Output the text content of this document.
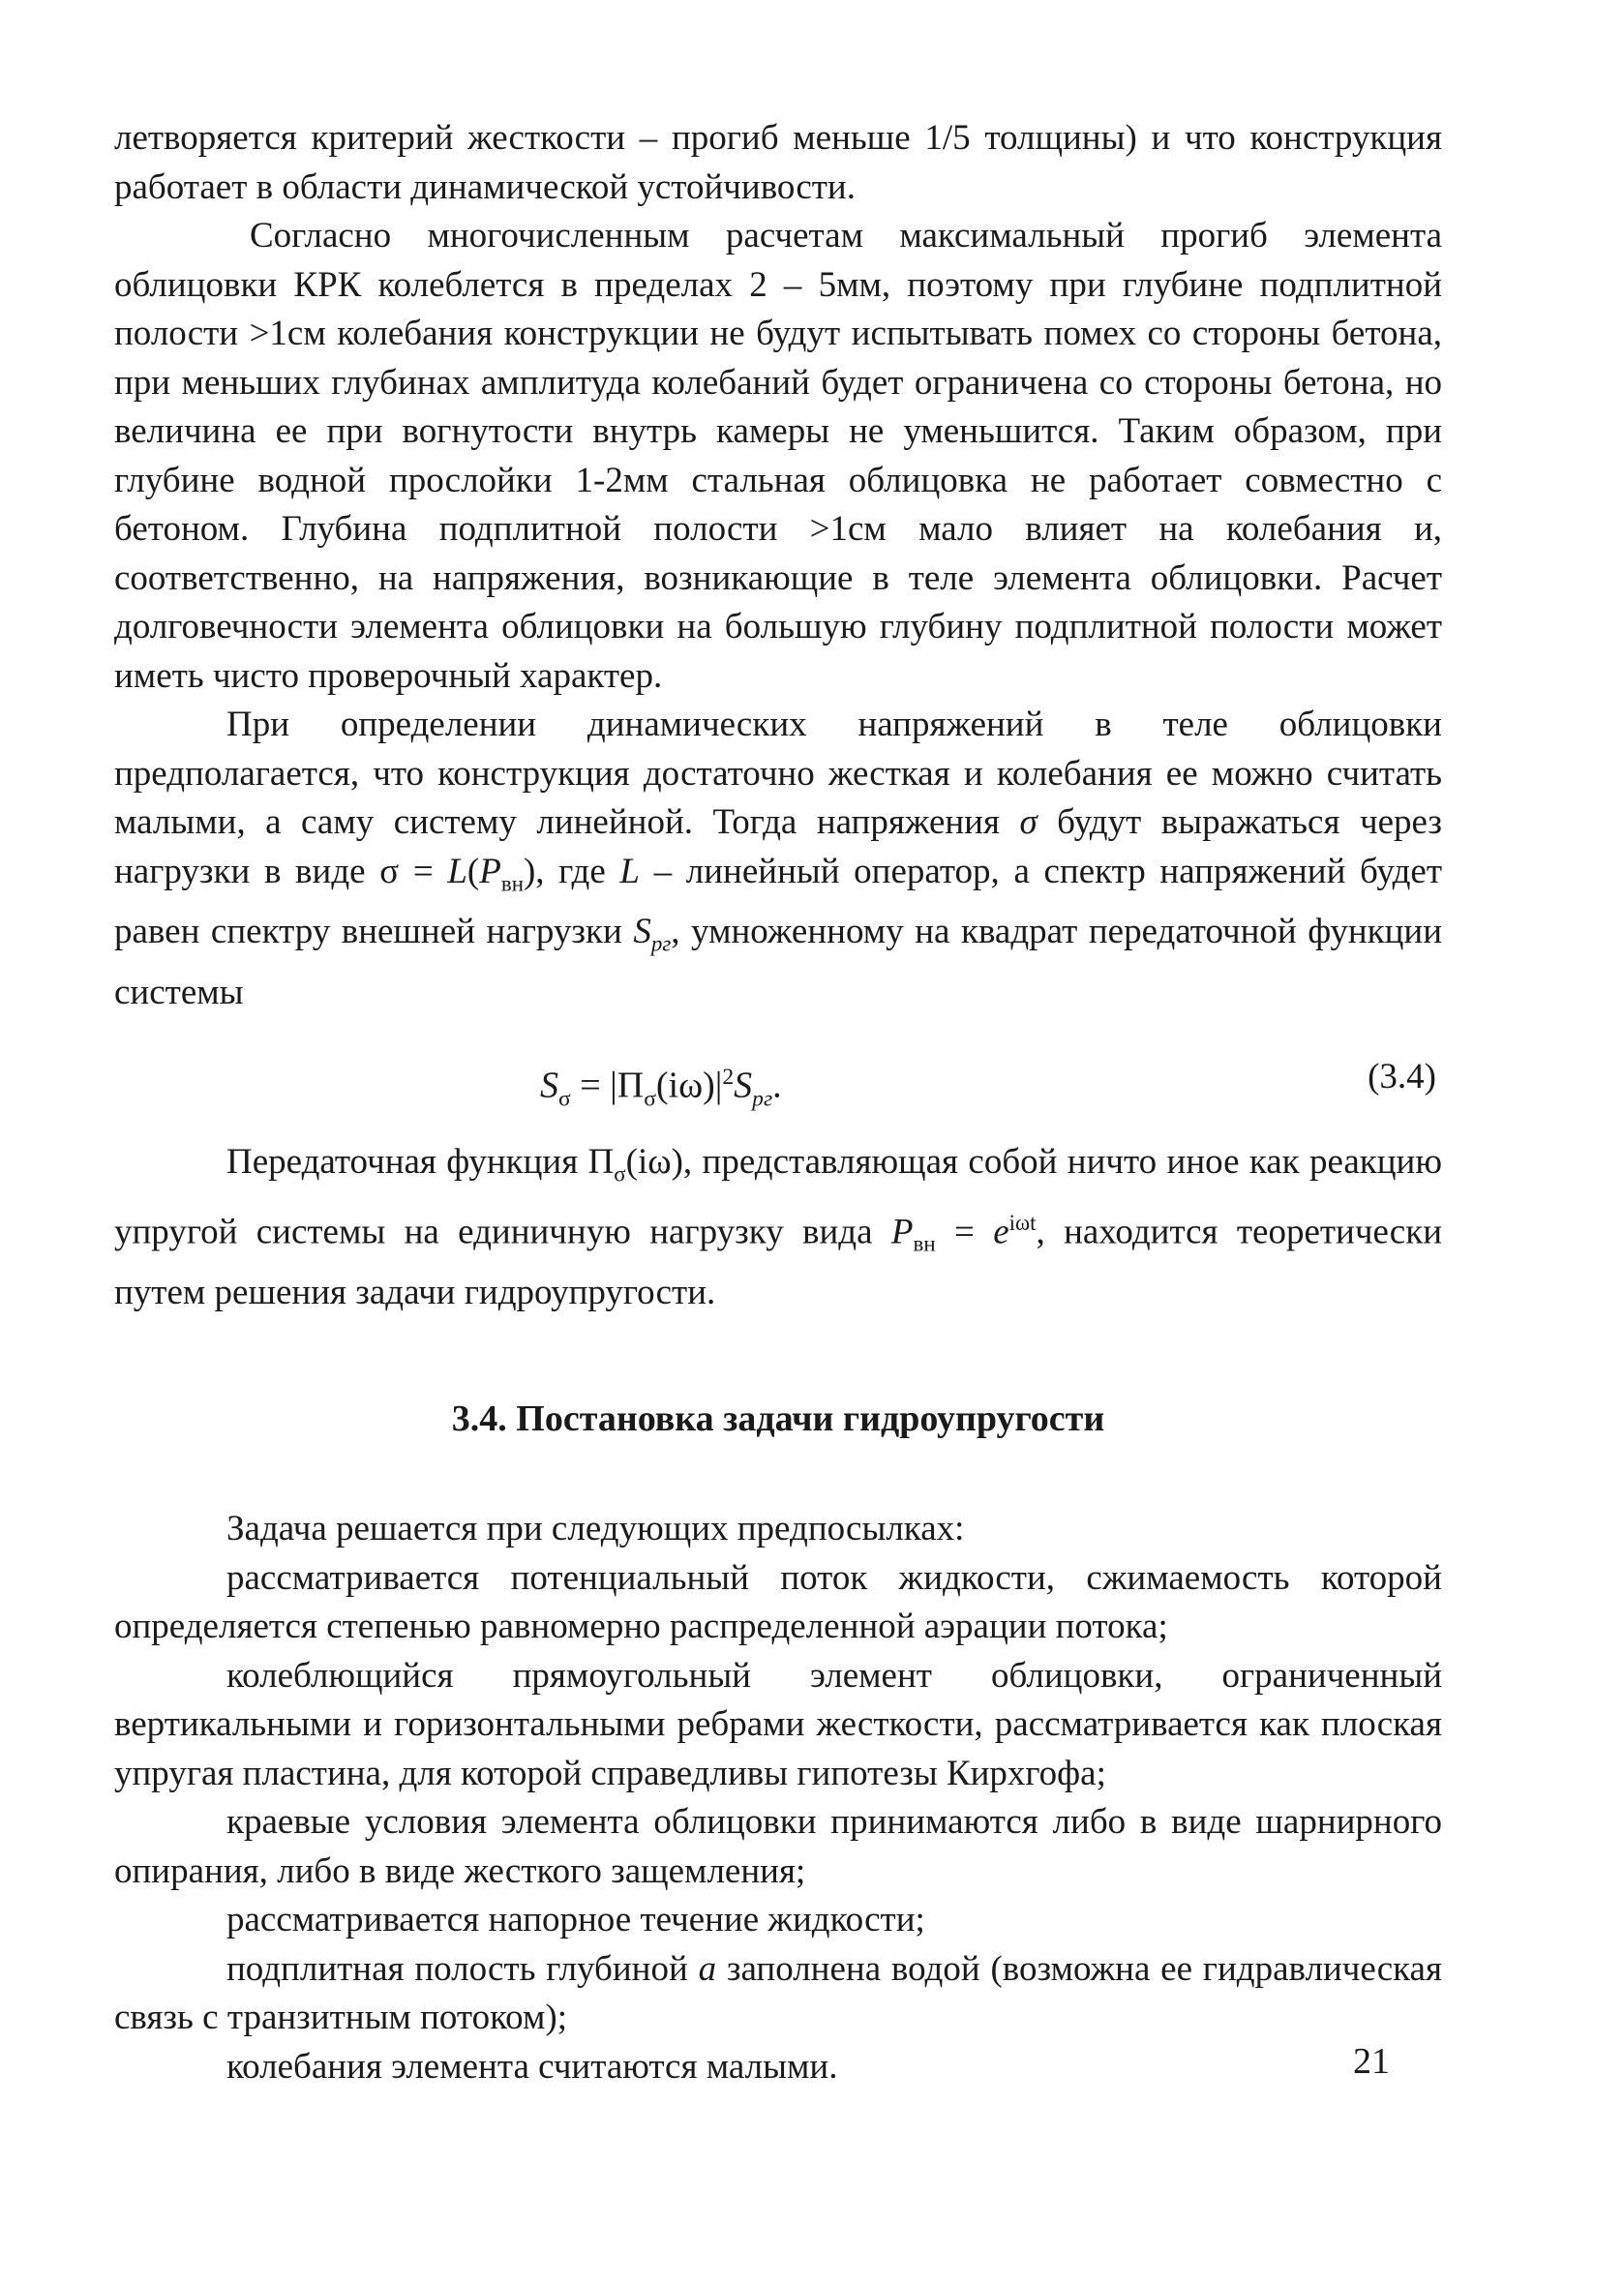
летворяется критерий жесткости – прогиб меньше 1/5 толщины) и что конструкция работает в области динамической устойчивости.

Согласно многочисленным расчетам максимальный прогиб элемента облицовки КРК колеблется в пределах 2 – 5мм, поэтому при глубине подплитной полости >1см колебания конструкции не будут испытывать помех со стороны бетона, при меньших глубинах амплитуда колебаний будет ограничена со стороны бетона, но величина ее при вогнутости внутрь камеры не уменьшится. Таким образом, при глубине водной прослойки 1-2мм стальная облицовка не работает совместно с бетоном. Глубина подплитной полости >1см мало влияет на колебания и, соответственно, на напряжения, возникающие в теле элемента облицовки. Расчет долговечности элемента облицовки на большую глубину подплитной полости может иметь чисто проверочный характер.

При определении динамических напряжений в теле облицовки предполагается, что конструкция достаточно жесткая и колебания ее можно считать малыми, а саму систему линейной. Тогда напряжения σ будут выражаться через нагрузки в виде $\sigma = L(P_{вн})$, где L – линейный оператор, а спектр напряжений будет равен спектру внешней нагрузки $S_{рг}$, умноженному на квадрат передаточной функции системы

$S_\sigma = |\Pi_\sigma(i\omega)|^2S_{рг}$.	(3.4)

Передаточная функция $\Pi_\sigma(i\omega)$, представляющая собой ничто иное как реакцию упругой системы на единичную нагрузку вида $P_{вн} = e^{i\omega t}$, находится теоретически путем решения задачи гидроупругости.

3.4. Постановка задачи гидроупругости

Задача решается при следующих предпосылках:

рассматривается потенциальный поток жидкости, сжимаемость которой определяется степенью равномерно распределенной аэрации потока;

колеблющийся прямоугольный элемент облицовки, ограниченный вертикальными и горизонтальными ребрами жесткости, рассматривается как плоская упругая пластина, для которой справедливы гипотезы Кирхгофа;

краевые условия элемента облицовки принимаются либо в виде шарнирного опирания, либо в виде жесткого защемления;

рассматривается напорное течение жидкости;

подплитная полость глубиной а заполнена водой (возможна ее гидравлическая связь с транзитным потоком);

колебания элемента считаются малыми.	21
